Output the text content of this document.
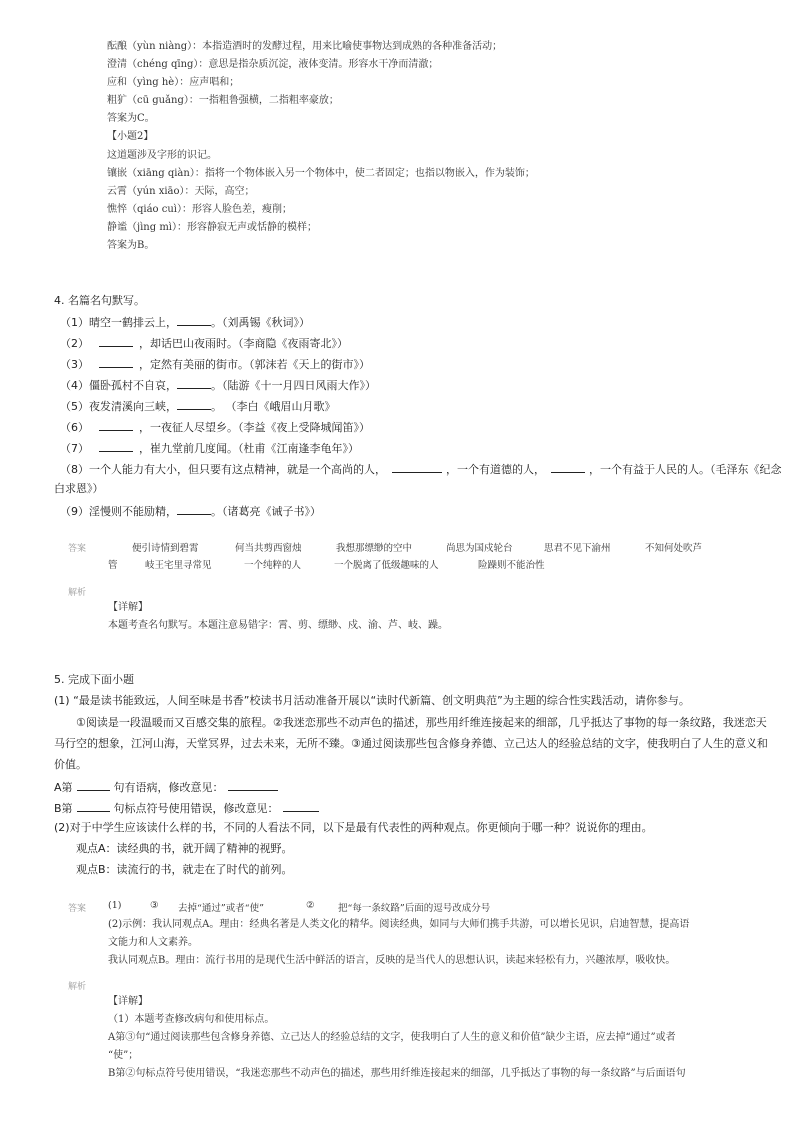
酝酿（yùn niàng）：本指造酒时的发酵过程，用来比喻使事物达到成熟的各种准备活动；
澄清（chéng qīng）：意思是指杂质沉淀，液体变清。形容水干净而清澈；
应和（yìng hè）：应声唱和；
粗犷（cū guǎng）：一指粗鲁强横，二指粗率豪放；
答案为C。
【小题2】
这道题涉及字形的识记。
镶嵌（xiāng qiàn）：指将一个物体嵌入另一个物体中，使二者固定；也指以物嵌入，作为装饰；
云霄（yún xiāo）：天际，高空；
憔悴（qiáo cuì）：形容人脸色差，瘦削；
静谧（jìng mì）：形容静寂无声或恬静的模样；
答案为B。
4. 名篇名句默写。
（1）晴空一鹤排云上，	。（刘禹锡《秋词》）
（2）	，却话巴山夜雨时。（李商隐《夜雨寄北》）
（3）	，定然有美丽的街市。（郭沫若《天上的街市》）
（4）僵卧孤村不自哀，	。（陆游《十一月四日风雨大作》）
（5）夜发清溪向三峡，	。 （李白《峨眉山月歌》
（6）	，一夜征人尽望乡。（李益《夜上受降城闻笛》）
（7）	，崔九堂前几度闻。（杜甫《江南逢李龟年》）
（8）一个人能力有大小，但只要有这点精神，就是一个高尚的人，	，一个有道德的人，	，一个有益于人民的人。（毛泽东《纪念
白求恩》）
（9）淫慢则不能励精，	。（诸葛亮《诫子书》）
答案	便引诗情到碧霄	何当共剪西窗烛	我想那缥缈的空中	尚思为国戍轮台	思君不见下渝州	不知何处吹芦
管	岐王宅里寻常见	一个纯粹的人	一个脱离了低级趣味的人	险躁则不能治性
解析
【详解】
本题考查名句默写。本题注意易错字：霄、剪、缥缈、戍、渝、芦、岐、躁。
5. 完成下面小题
(1) “最是读书能致远，人间至味是书香”校读书月活动准备开展以“读时代新篇、创文明典范”为主题的综合性实践活动，请你参与。
①阅读是一段温暖而又百感交集的旅程。②我迷恋那些不动声色的描述，那些用纤维连接起来的细部，几乎抵达了事物的每一条纹路，我迷恋天
马行空的想象，江河山海，天堂冥界，过去未来，无所不臻。③通过阅读那些包含修身养德、立己达人的经验总结的文字，使我明白了人生的意义和
价值。
A第	句有语病，修改意见：
B第	句标点符号使用错误，修改意见：
(2)对于中学生应该读什么样的书，不同的人看法不同，以下是最有代表性的两种观点。你更倾向于哪一种？说说你的理由。
观点A：读经典的书，就开阔了精神的视野。
观点B：读流行的书，就走在了时代的前列。
答案 (1)	③	去掉“通过”或者“使”	②	把“每一条纹路”后面的逗号改成分号
(2)示例：我认同观点A。理由：经典名著是人类文化的精华。阅读经典，如同与大师们携手共游，可以增长见识，启迪智慧，提高语
文能力和人文素养。
我认同观点B。理由：流行书用的是现代生活中鲜活的语言，反映的是当代人的思想认识，读起来轻松有力，兴趣浓厚，吸收快。
解析
【详解】
（1）本题考查修改病句和使用标点。
A第③句“通过阅读那些包含修身养德、立己达人的经验总结的文字，使我明白了人生的意义和价值”缺少主语，应去掉“通过”或者
“使”；
B第②句标点符号使用错误，“我迷恋那些不动声色的描述，那些用纤维连接起来的细部，几乎抵达了事物的每一条纹路”与后面语句
